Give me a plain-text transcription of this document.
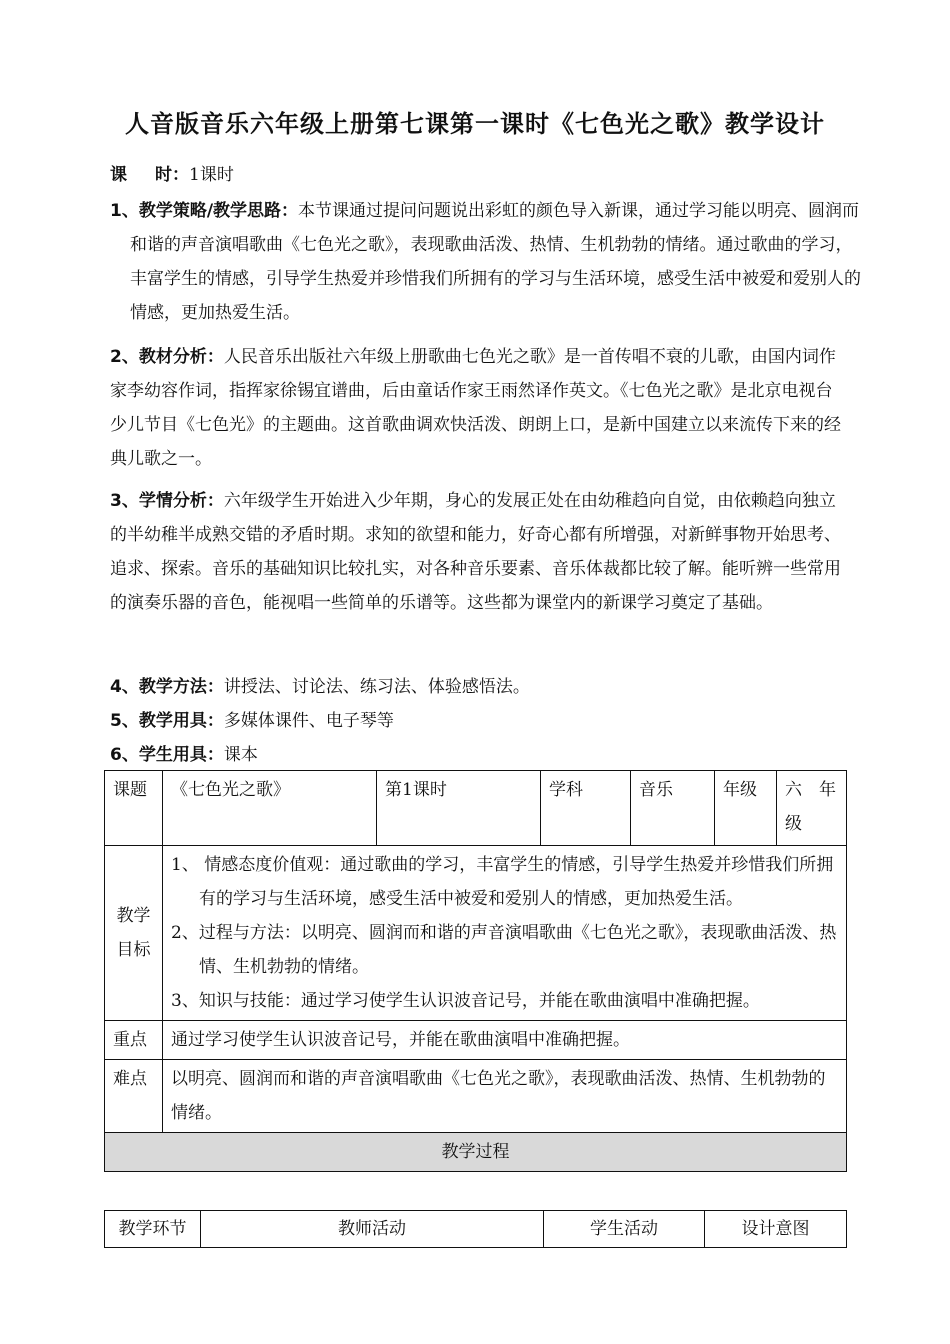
人音版音乐六年级上册第七课第一课时《七色光之歌》教学设计
课时：1课时
1、教学策略/教学思路：本节课通过提问问题说出彩虹的颜色导入新课，通过学习能以明亮、圆润而和谐的声音演唱歌曲《七色光之歌》，表现歌曲活泼、热情、生机勃勃的情绪。通过歌曲的学习，丰富学生的情感，引导学生热爱并珍惜我们所拥有的学习与生活环境，感受生活中被爱和爱别人的情感，更加热爱生活。
2、教材分析：人民音乐出版社六年级上册歌曲七色光之歌》是一首传唱不衰的儿歌，由国内词作家李幼容作词，指挥家徐锡宜谱曲，后由童话作家王雨然译作英文。《七色光之歌》是北京电视台少儿节目《七色光》的主题曲。这首歌曲调欢快活泼、朗朗上口，是新中国建立以来流传下来的经典儿歌之一。
3、学情分析：六年级学生开始进入少年期，身心的发展正处在由幼稚趋向自觉，由依赖趋向独立的半幼稚半成熟交错的矛盾时期。求知的欲望和能力，好奇心都有所增强，对新鲜事物开始思考、追求、探索。音乐的基础知识比较扎实，对各种音乐要素、音乐体裁都比较了解。能听辨一些常用的演奏乐器的音色，能视唱一些简单的乐谱等。这些都为课堂内的新课学习奠定了基础。
4、教学方法：讲授法、讨论法、练习法、体验感悟法。
5、教学用具：多媒体课件、电子琴等
6、学生用具：课本
课题	《七色光之歌》	第1课时	学科	音乐	年级	六　年级
教学目标	1、 情感态度价值观：通过歌曲的学习，丰富学生的情感，引导学生热爱并珍惜我们所拥有的学习与生活环境，感受生活中被爱和爱别人的情感，更加热爱生活。
2、过程与方法：以明亮、圆润而和谐的声音演唱歌曲《七色光之歌》，表现歌曲活泼、热情、生机勃勃的情绪。
3、知识与技能：通过学习使学生认识波音记号，并能在歌曲演唱中准确把握。					

重点	通过学习使学生认识波音记号，并能在歌曲演唱中准确把握。					
难点	以明亮、圆润而和谐的声音演唱歌曲《七色光之歌》，表现歌曲活泼、热情、生机勃勃的情绪。					
教学过程						
教学环节	教师活动	学生活动	设计意图
